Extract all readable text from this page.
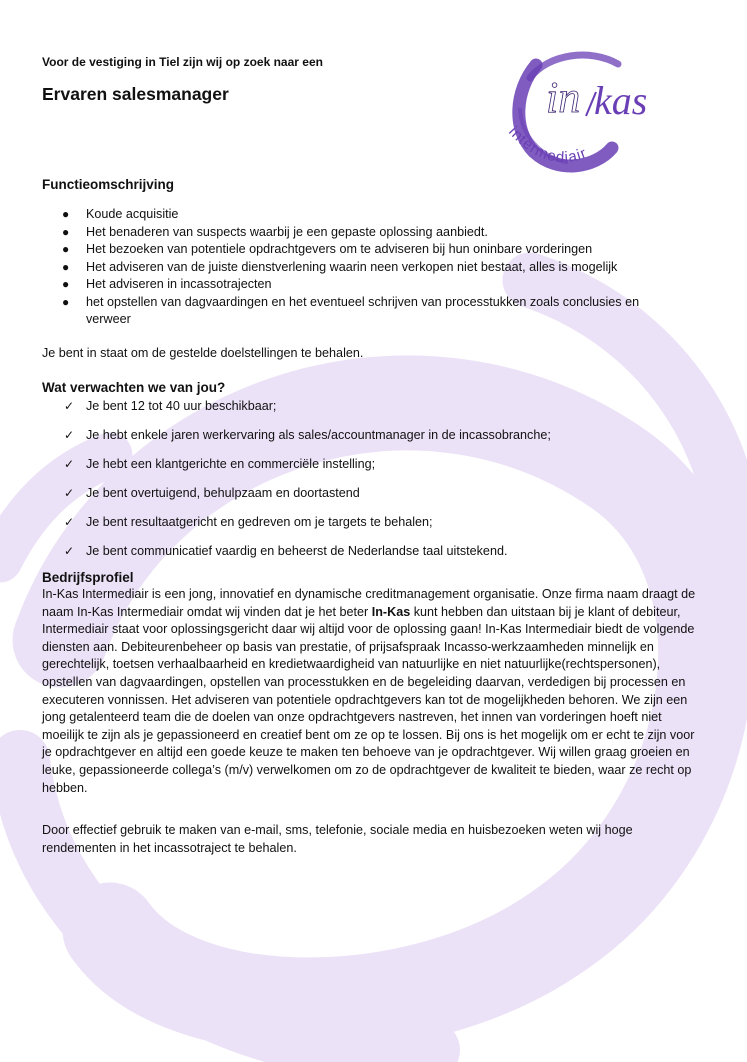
in kas
intermediair
Voor de vestiging in Tiel zijn wij op zoek naar een
Ervaren salesmanager
Functieomschrijving
● Koude acquisitie
● Het benaderen van suspects waarbij je een gepaste oplossing aanbiedt.
● Het bezoeken van potentiele opdrachtgevers om te adviseren bij hun oninbare vorderingen
● Het adviseren van de juiste dienstverlening waarin neen verkopen niet bestaat, alles is mogelijk
● Het adviseren in incassotrajecten
● het opstellen van dagvaardingen en het eventueel schrijven van processtukken zoals conclusies en verweer
Je bent in staat om de gestelde doelstellingen te behalen.
Wat verwachten we van jou?
✓ Je bent 12 tot 40 uur beschikbaar;
✓ Je hebt enkele jaren werkervaring als sales/accountmanager in de incassobranche;
✓ Je hebt een klantgerichte en commerciële instelling;
✓ Je bent overtuigend, behulpzaam en doortastend
✓ Je bent resultaatgericht en gedreven om je targets te behalen;
✓ Je bent communicatief vaardig en beheerst de Nederlandse taal uitstekend.
Bedrijfsprofiel

In-Kas Intermediair is een jong, innovatief en dynamische creditmanagement organisatie. Onze firma naam draagt de naam In-Kas Intermediair omdat wij vinden dat je het beter In-Kas kunt hebben dan uitstaan bij je klant of debiteur, Intermediair staat voor oplossingsgericht daar wij altijd voor de oplossing gaan! In-Kas Intermediair biedt de volgende diensten aan. Debiteurenbeheer op basis van prestatie, of prijsafspraak Incasso-werkzaamheden minnelijk en gerechtelijk, toetsen verhaalbaarheid en kredietwaardigheid van natuurlijke en niet natuurlijke(rechtspersonen), opstellen van dagvaardingen, opstellen van processtukken en de begeleiding daarvan, verdedigen bij processen en executeren vonnissen. Het adviseren van potentiele opdrachtgevers kan tot de mogelijkheden behoren. We zijn een jong getalenteerd team die de doelen van onze opdrachtgevers nastreven, het innen van vorderingen hoeft niet moeilijk te zijn als je gepassioneerd en creatief bent om ze op te lossen. Bij ons is het mogelijk om er echt te zijn voor je opdrachtgever en altijd een goede keuze te maken ten behoeve van je opdrachtgever. Wij willen graag groeien en leuke, gepassioneerde collega’s (m/v) verwelkomen om zo de opdrachtgever de kwaliteit te bieden, waar ze recht op hebben.

Door effectief gebruik te maken van e-mail, sms, telefonie, sociale media en huisbezoeken weten wij hoge rendementen in het incassotraject te behalen.
